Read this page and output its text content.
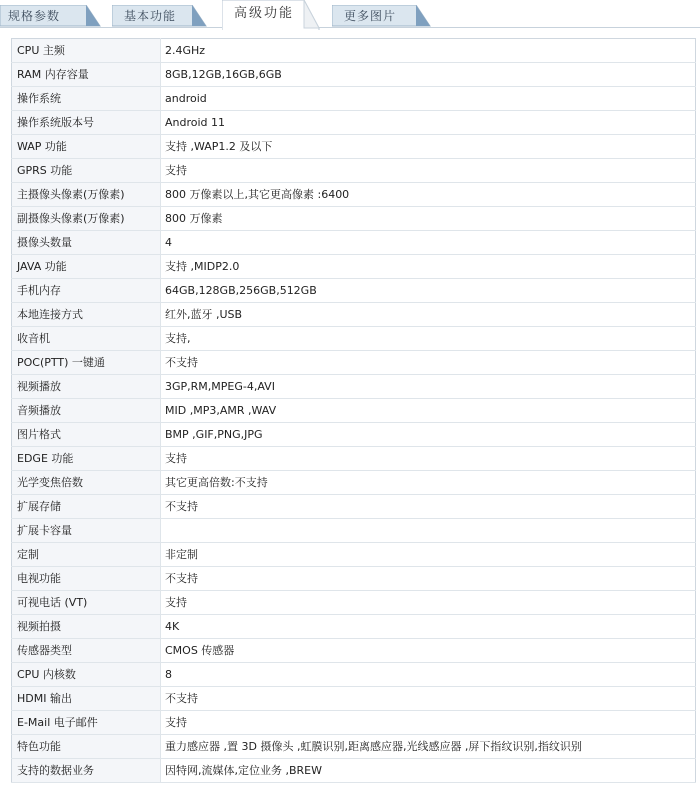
规格参数	基本功能	高级功能	更多图片
CPU 主频	2.4GHz
RAM 内存容量	8GB,12GB,16GB,6GB
操作系统	android
操作系统版本号	Android 11
WAP 功能	支持 ,WAP1.2 及以下
GPRS 功能	支持
主摄像头像素(万像素)	800 万像素以上,其它更高像素 :6400
副摄像头像素(万像素)	800 万像素
摄像头数量	4
JAVA 功能	支持 ,MIDP2.0
手机内存	64GB,128GB,256GB,512GB
本地连接方式	红外,蓝牙 ,USB
收音机	支持,
POC(PTT) 一键通	不支持
视频播放	3GP,RM,MPEG-4,AVI
音频播放	MID ,MP3,AMR ,WAV
图片格式	BMP ,GIF,PNG,JPG
EDGE 功能	支持
光学变焦倍数	其它更高倍数:不支持
扩展存储	不支持
扩展卡容量	
定制	非定制
电视功能	不支持
可视电话 (VT)	支持
视频拍摄	4K
传感器类型	CMOS 传感器
CPU 内核数	8
HDMI 输出	不支持
E-Mail 电子邮件	支持
特色功能	重力感应器 ,置 3D 摄像头 ,虹膜识别,距离感应器,光线感应器 ,屏下指纹识别,指纹识别
支持的数据业务	因特网,流媒体,定位业务 ,BREW
